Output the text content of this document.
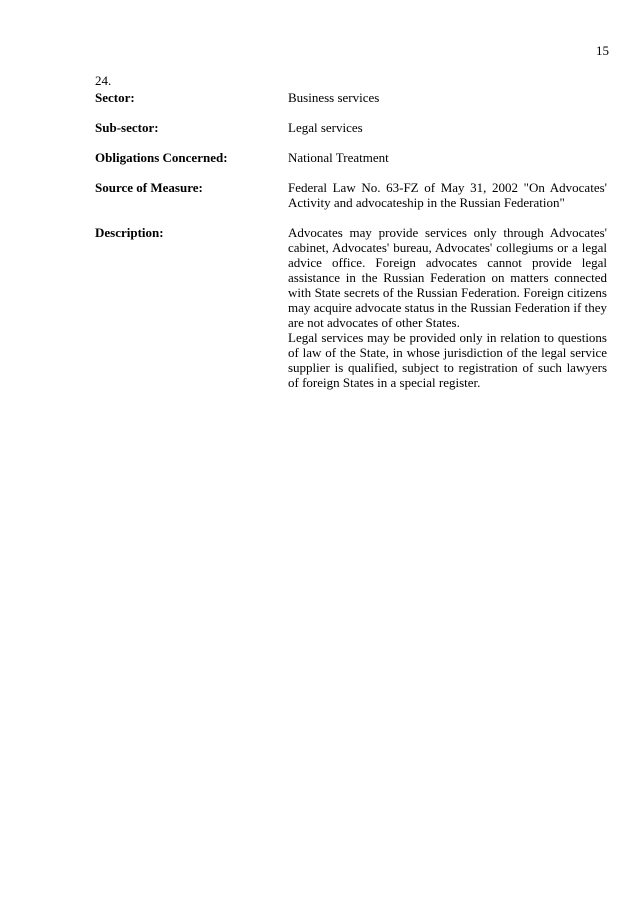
15
24.
Sector:	Business services
Sub-sector:	Legal services
Obligations Concerned:	National Treatment
Source of Measure:	Federal Law No. 63-FZ of May 31, 2002 "On Advocates' Activity and advocateship in the Russian Federation"
Description:	Advocates may provide services only through Advocates' cabinet, Advocates' bureau, Advocates' collegiums or a legal advice office. Foreign advocates cannot provide legal assistance in the Russian Federation on matters connected with State secrets of the Russian Federation. Foreign citizens may acquire advocate status in the Russian Federation if they are not advocates of other States.

Legal services may be provided only in relation to questions of law of the State, in whose jurisdiction of the legal service supplier is qualified, subject to registration of such lawyers of foreign States in a special register.
